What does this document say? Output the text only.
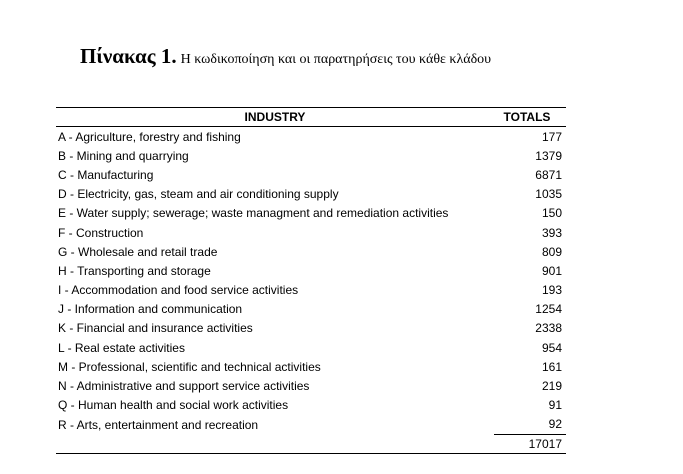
Πίνακας 1. Η κωδικοποίηση και οι παρατηρήσεις του κάθε κλάδου
INDUSTRY	TOTALS
A - Agriculture, forestry and fishing	177
B - Mining and quarrying	1379
C - Manufacturing	6871
D - Electricity, gas, steam and air conditioning supply	1035
E - Water supply; sewerage; waste managment and remediation activities	150
F - Construction	393
G - Wholesale and retail trade	809
H - Transporting and storage	901
I - Accommodation and food service activities	193
J - Information and communication	1254
K - Financial and insurance activities	2338
L - Real estate activities	954
M - Professional, scientific and technical activities	161
N - Administrative and support service activities	219
Q - Human health and social work activities	91
R - Arts, entertainment and recreation	92
	17017
